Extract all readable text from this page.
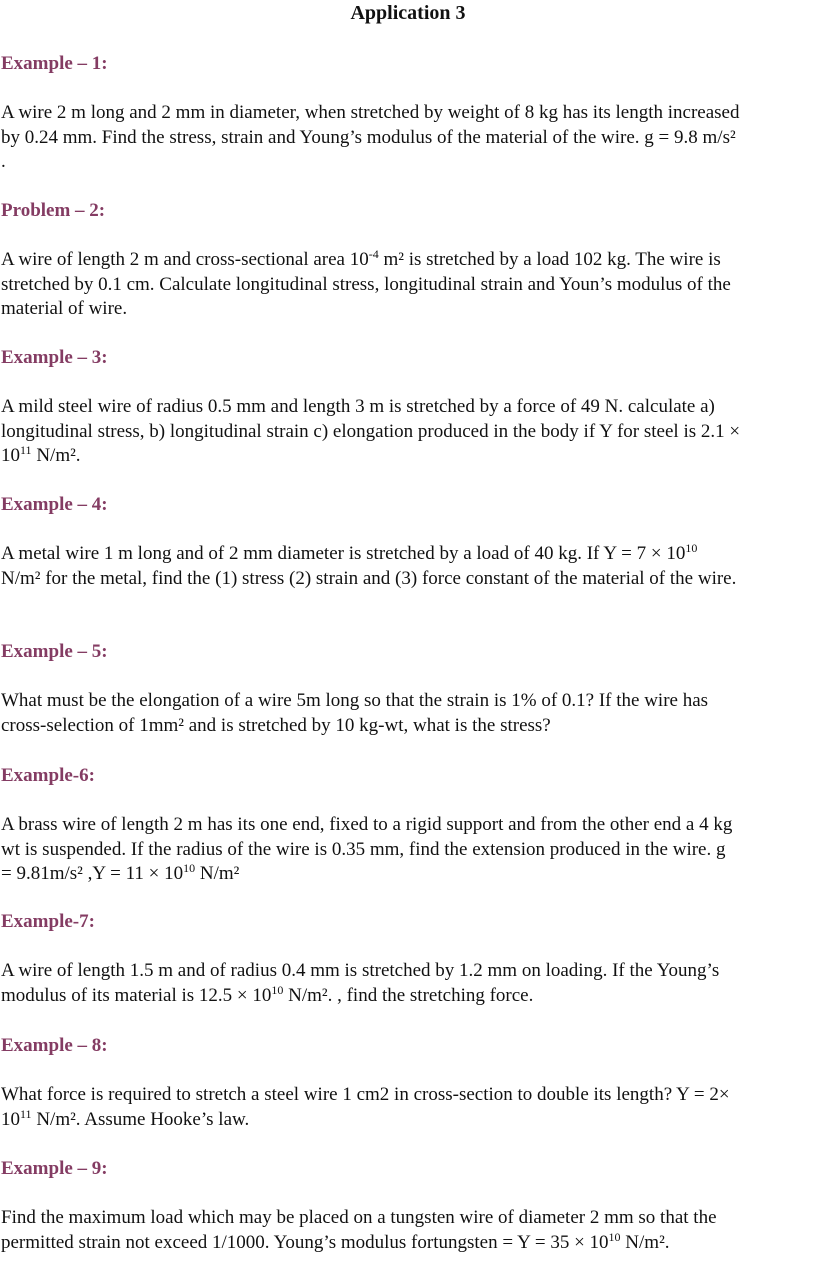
Application 3
Example – 1:
A wire 2 m long and 2 mm in diameter, when stretched by weight of 8 kg has its length increased
by 0.24 mm. Find the stress, strain and Young’s modulus of the material of the wire. g = 9.8 m/s²
.
Problem – 2:
A wire of length 2 m and cross-sectional area $10^{-4}$ m² is stretched by a load 102 kg. The wire is
stretched by 0.1 cm. Calculate longitudinal stress, longitudinal strain and Youn’s modulus of the
material of wire.
Example – 3:
A mild steel wire of radius 0.5 mm and length 3 m is stretched by a force of 49 N. calculate a)
longitudinal stress, b) longitudinal strain c) elongation produced in the body if Y for steel is 2.1 ×
$10^{11}$ N/m².
Example – 4:
A metal wire 1 m long and of 2 mm diameter is stretched by a load of 40 kg. If $Y = 7 \times 10^{10}$
N/m² for the metal, find the (1) stress (2) strain and (3) force constant of the material of the wire.
Example – 5:
What must be the elongation of a wire 5m long so that the strain is 1% of 0.1? If the wire has
cross-selection of 1mm² and is stretched by 10 kg-wt, what is the stress?
Example-6:
A brass wire of length 2 m has its one end, fixed to a rigid support and from the other end a 4 kg
wt is suspended. If the radius of the wire is 0.35 mm, find the extension produced in the wire. g
= 9.81m/s² $,Y = 11 \times 10^{10}$ N/m²
Example-7:
A wire of length 1.5 m and of radius 0.4 mm is stretched by 1.2 mm on loading. If the Young’s
modulus of its material is $12.5 \times 10^{10}$ N/m². , find the stretching force.
Example – 8:
What force is required to stretch a steel wire 1 cm2 in cross-section to double its length? Y = 2×
$10^{11}$ N/m². Assume Hooke’s law.
Example – 9:
Find the maximum load which may be placed on a tungsten wire of diameter 2 mm so that the
permitted strain not exceed 1/1000. Young’s modulus fortungsten = $Y = 35 \times 10^{10}$ N/m².
